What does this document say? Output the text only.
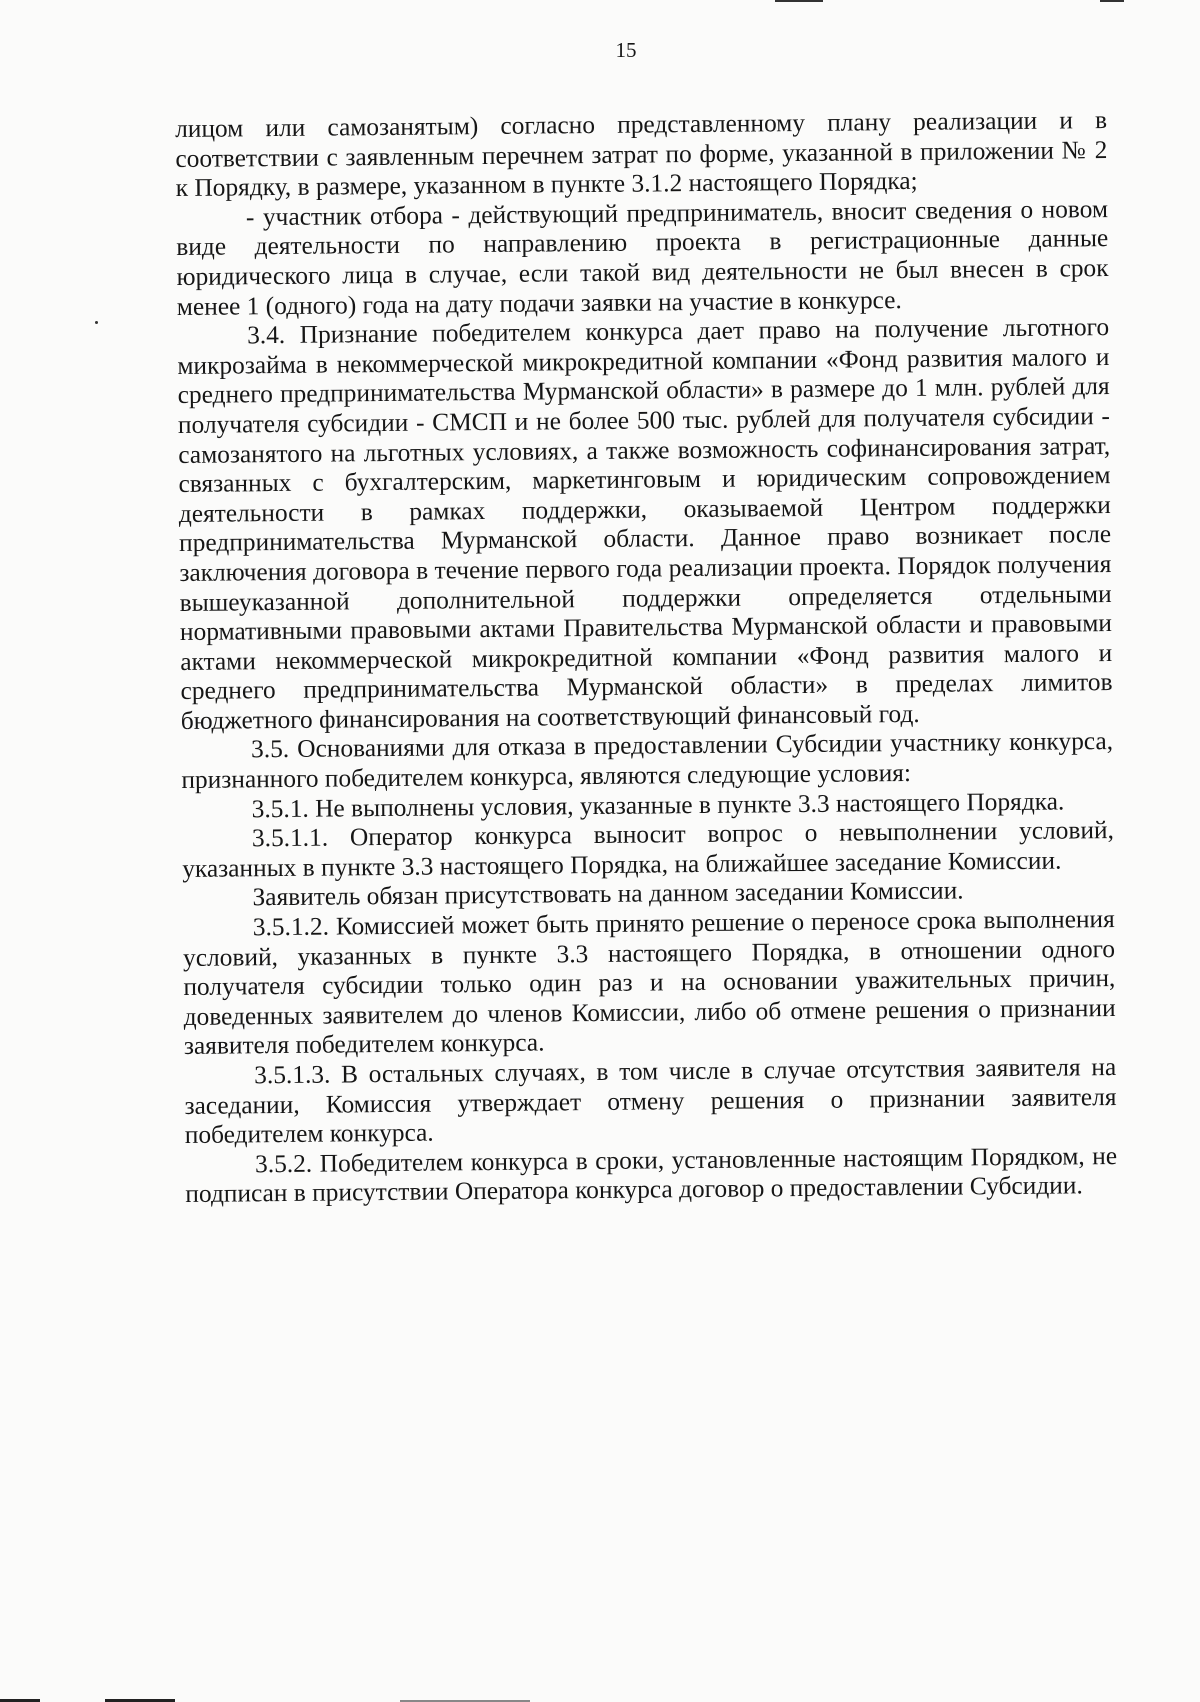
15

лицом или самозанятым) согласно представленному плану реализации и в соответствии с заявленным перечнем затрат по форме, указанной в приложении № 2 к Порядку, в размере, указанном в пункте 3.1.2 настоящего Порядка;

- участник отбора - действующий предприниматель, вносит сведения о новом виде деятельности по направлению проекта в регистрационные данные юридического лица в случае, если такой вид деятельности не был внесен в срок менее 1 (одного) года на дату подачи заявки на участие в конкурсе.

3.4. Признание победителем конкурса дает право на получение льготного микрозайма в некоммерческой микрокредитной компании «Фонд развития малого и среднего предпринимательства Мурманской области» в размере до 1 млн. рублей для получателя субсидии - СМСП и не более 500 тыс. рублей для получателя субсидии - самозанятого на льготных условиях, а также возможность софинансирования затрат, связанных с бухгалтерским, маркетинговым и юридическим сопровождением деятельности в рамках поддержки, оказываемой Центром поддержки предпринимательства Мурманской области. Данное право возникает после заключения договора в течение первого года реализации проекта. Порядок получения вышеуказанной дополнительной поддержки определяется отдельными нормативными правовыми актами Правительства Мурманской области и правовыми актами некоммерческой микрокредитной компании «Фонд развития малого и среднего предпринимательства Мурманской области» в пределах лимитов бюджетного финансирования на соответствующий финансовый год.

3.5. Основаниями для отказа в предоставлении Субсидии участнику конкурса, признанного победителем конкурса, являются следующие условия:

3.5.1. Не выполнены условия, указанные в пункте 3.3 настоящего Порядка.

3.5.1.1. Оператор конкурса выносит вопрос о невыполнении условий, указанных в пункте 3.3 настоящего Порядка, на ближайшее заседание Комиссии.

Заявитель обязан присутствовать на данном заседании Комиссии.

3.5.1.2. Комиссией может быть принято решение о переносе срока выполнения условий, указанных в пункте 3.3 настоящего Порядка, в отношении одного получателя субсидии только один раз и на основании уважительных причин, доведенных заявителем до членов Комиссии, либо об отмене решения о признании заявителя победителем конкурса.

3.5.1.3. В остальных случаях, в том числе в случае отсутствия заявителя на заседании, Комиссия утверждает отмену решения о признании заявителя победителем конкурса.

3.5.2. Победителем конкурса в сроки, установленные настоящим Порядком, не подписан в присутствии Оператора конкурса договор о предоставлении Субсидии.
